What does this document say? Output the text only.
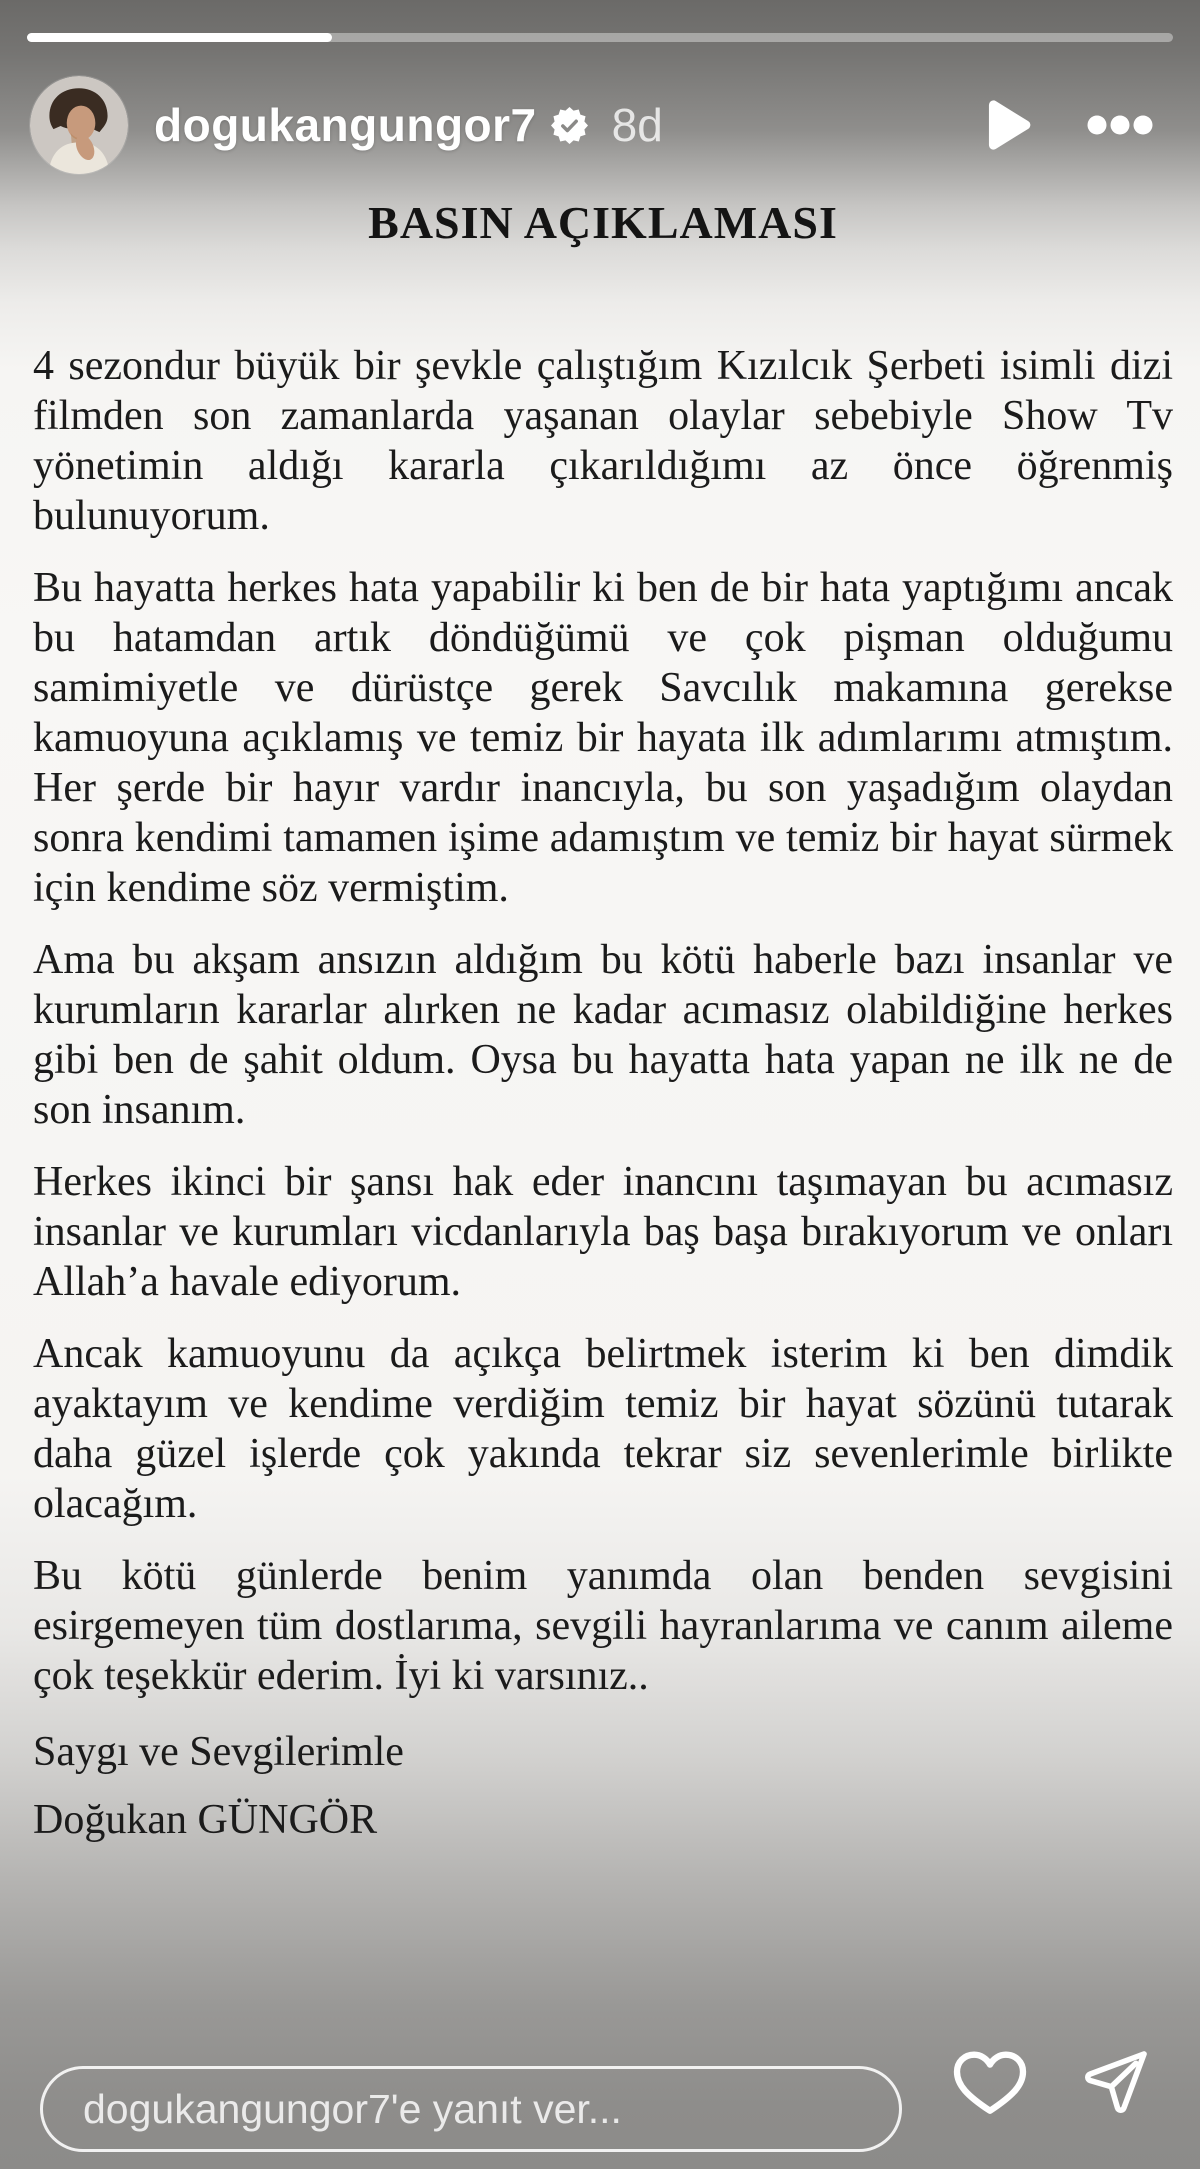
dogukangungor7 8d
BASIN AÇIKLAMASI

4 sezondur büyük bir şevkle çalıştığım Kızılcık Şerbeti isimli dizi filmden son zamanlarda yaşanan olaylar sebebiyle Show Tv yönetimin aldığı kararla çıkarıldığımı az önce öğrenmiş bulunuyorum.

Bu hayatta herkes hata yapabilir ki ben de bir hata yaptığımı ancak bu hatamdan artık döndüğümü ve çok pişman olduğumu samimiyetle ve dürüstçe gerek Savcılık makamına gerekse kamuoyuna açıklamış ve temiz bir hayata ilk adımlarımı atmıştım. Her şerde bir hayır vardır inancıyla, bu son yaşadığım olaydan sonra kendimi tamamen işime adamıştım ve temiz bir hayat sürmek için kendime söz vermiştim.

Ama bu akşam ansızın aldığım bu kötü haberle bazı insanlar ve kurumların kararlar alırken ne kadar acımasız olabildiğine herkes gibi ben de şahit oldum. Oysa bu hayatta hata yapan ne ilk ne de son insanım.

Herkes ikinci bir şansı hak eder inancını taşımayan bu acımasız insanlar ve kurumları vicdanlarıyla baş başa bırakıyorum ve onları Allah’a havale ediyorum.

Ancak kamuoyunu da açıkça belirtmek isterim ki ben dimdik ayaktayım ve kendime verdiğim temiz bir hayat sözünü tutarak daha güzel işlerde çok yakında tekrar siz sevenlerimle birlikte olacağım.

Bu kötü günlerde benim yanımda olan benden sevgisini esirgemeyen tüm dostlarıma, sevgili hayranlarıma ve canım aileme çok teşekkür ederim. İyi ki varsınız..

Saygı ve Sevgilerimle

Doğukan GÜNGÖR

dogukangungor7'e yanıt ver...
